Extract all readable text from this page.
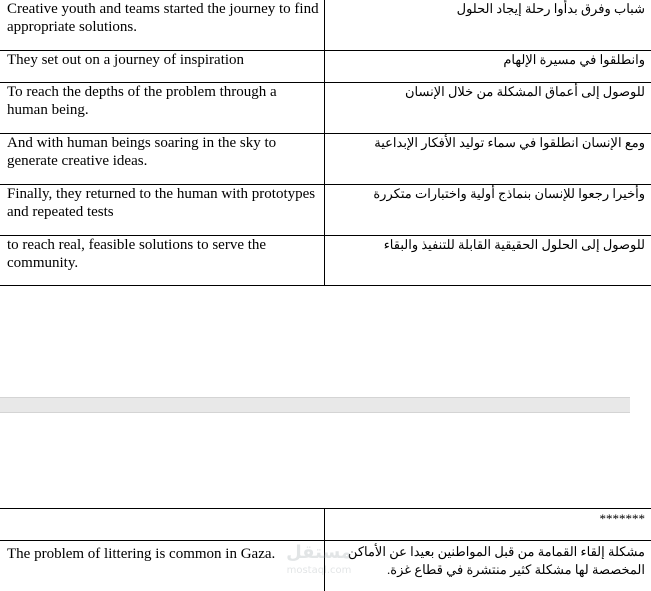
Creative youth and teams started the journey to find appropriate solutions.	شباب وفرق بدأوا رحلة إيجاد الحلول
They set out on a journey of inspiration	وانطلقوا في مسيرة الإلهام
To reach the depths of the problem through a human being.	للوصول إلى أعماق المشكلة من خلال الإنسان
And with human beings soaring in the sky to generate creative ideas.	ومع الإنسان انطلقوا في سماء توليد الأفكار الإبداعية
Finally, they returned to the human with prototypes and repeated tests	وأخيرا رجعوا للإنسان بنماذج أولية واختبارات متكررة
to reach real, feasible solutions to serve the community.	للوصول إلى الحلول الحقيقية القابلة للتنفيذ والبقاء

	*******

The problem of littering is common in Gaza.	مشكلة إلقاء القمامة من قبل المواطنين بعيدا عن الأماكن المخصصة لها مشكلة كثير منتشرة في قطاع غزة.
مستقل
mostaql.com
